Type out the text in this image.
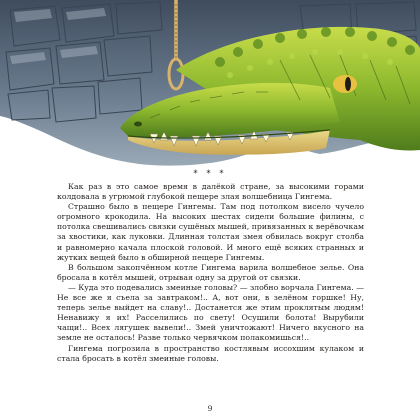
* * *

Как раз в это самое время в далёкой стране, за высокими горами колдовала в угрюмой глубокой пещере злая волшебница Гингема.

Страшно было в пещере Гингемы. Там под потолком висело чучело огромного крокодила. На высоких шестах сидели большие филины, с потолка свешивались связки сушёных мышей, привязанных к верёвочкам за хвостики, как луковки. Длинная толстая змея обвилась вокруг столба и равномерно качала плоской головой. И много ещё всяких странных и жутких вещей было в обширной пещере Гингемы.

В большом закопчённом котле Гингема варила волшебное зелье. Она бросала в котёл мышей, отрывая одну за другой от связки.

— Куда это подевались змеиные головы? — злобно ворчала Гингема. — Не все же я съела за завтраком!.. А, вот они, в зелёном горшке! Ну, теперь зелье выйдет на славу!.. Достанется же этим проклятым людям! Ненавижу я их! Расселились по свету! Осушили болота! Вырубили чащи!.. Всех лягушек вывели!.. Змей уничтожают! Ничего вкусного на земле не осталось! Разве только червячком полакомишься!..

Гингема погрозила в пространство костлявым иссохшим кулаком и стала бросать в котёл змеиные головы.

9
